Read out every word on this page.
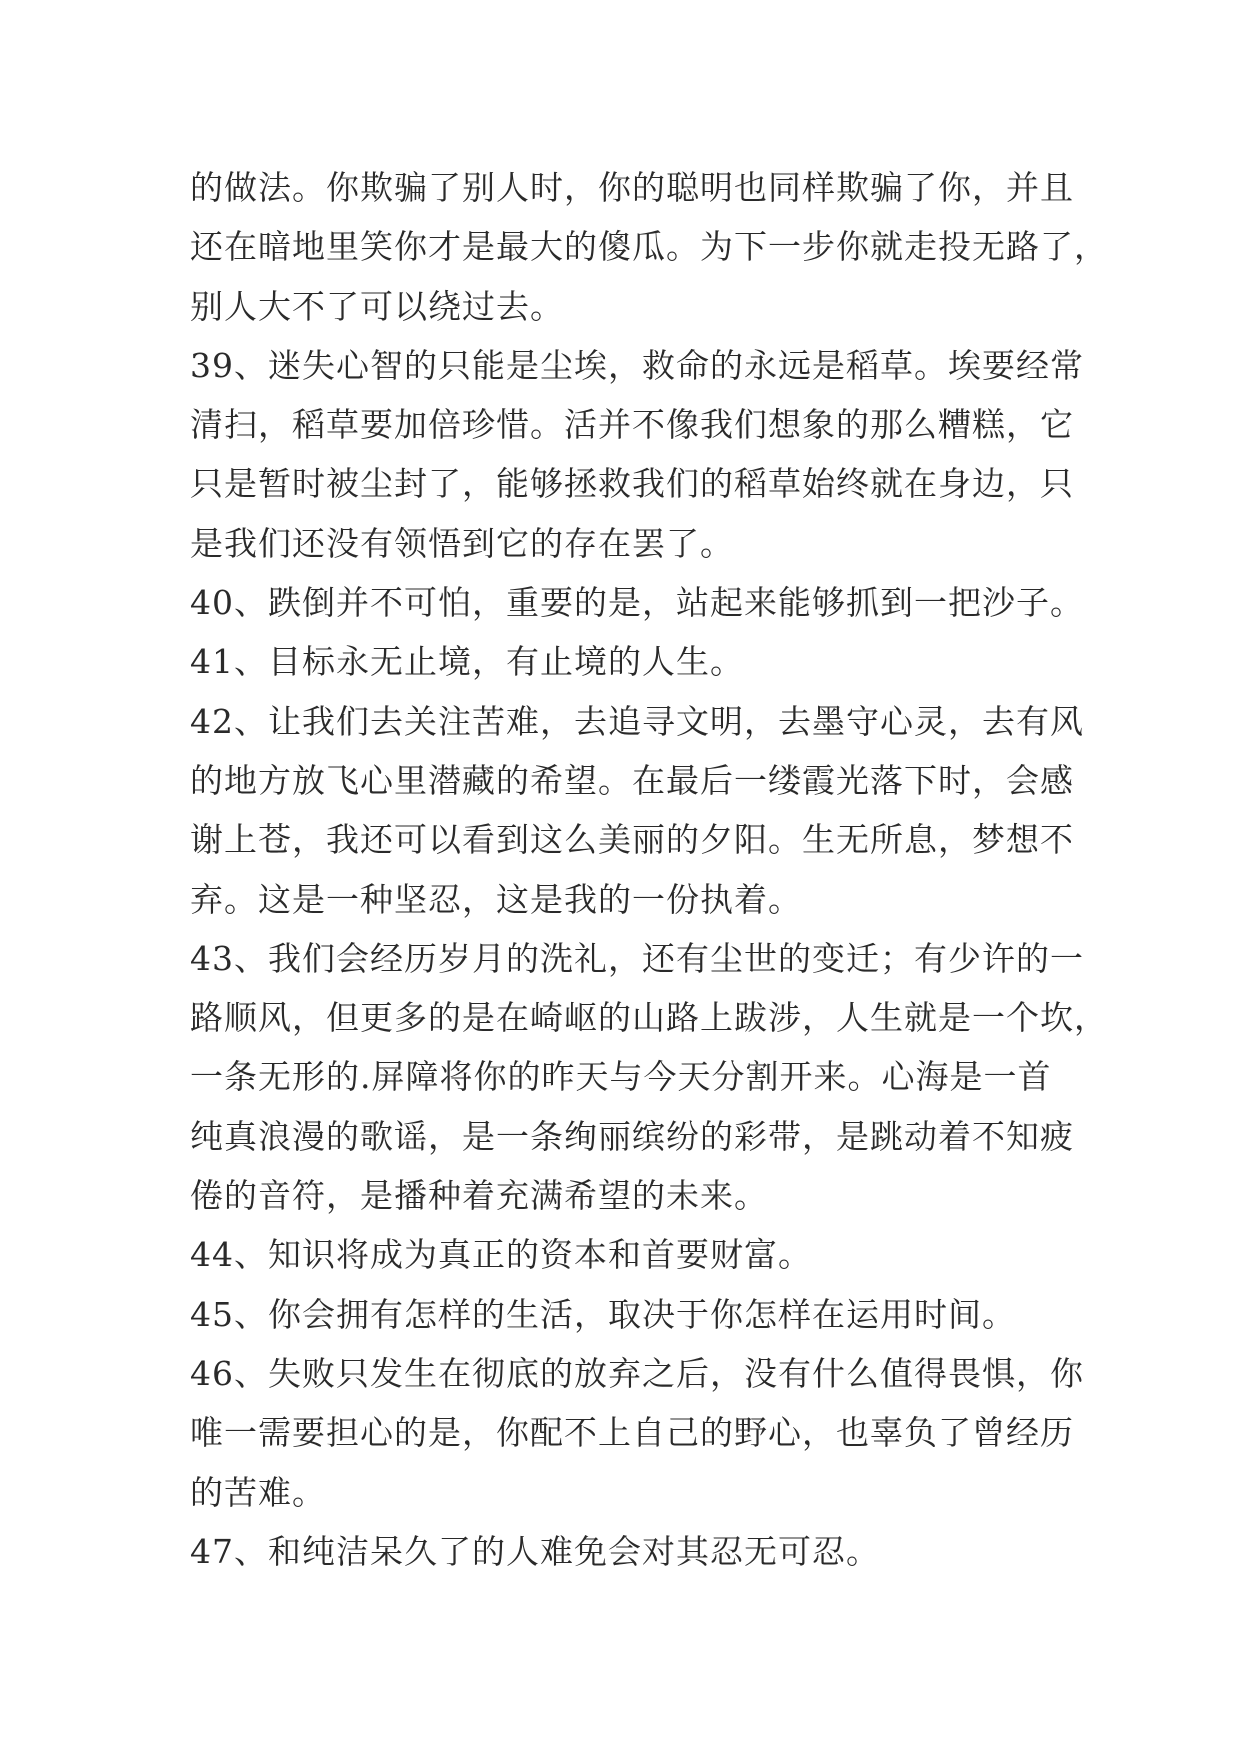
的做法。你欺骗了别人时，你的聪明也同样欺骗了你，并且
还在暗地里笑你才是最大的傻瓜。为下一步你就走投无路了，
别人大不了可以绕过去。
39、迷失心智的只能是尘埃，救命的永远是稻草。埃要经常
清扫，稻草要加倍珍惜。活并不像我们想象的那么糟糕，它
只是暂时被尘封了，能够拯救我们的稻草始终就在身边，只
是我们还没有领悟到它的存在罢了。
40、跌倒并不可怕，重要的是，站起来能够抓到一把沙子。
41、目标永无止境，有止境的人生。
42、让我们去关注苦难，去追寻文明，去墨守心灵，去有风
的地方放飞心里潜藏的希望。在最后一缕霞光落下时，会感
谢上苍，我还可以看到这么美丽的夕阳。生无所息，梦想不
弃。这是一种坚忍，这是我的一份执着。
43、我们会经历岁月的洗礼，还有尘世的变迁；有少许的一
路顺风，但更多的是在崎岖的山路上跋涉，人生就是一个坎，
一条无形的.屏障将你的昨天与今天分割开来。心海是一首
纯真浪漫的歌谣，是一条绚丽缤纷的彩带，是跳动着不知疲
倦的音符，是播种着充满希望的未来。
44、知识将成为真正的资本和首要财富。
45、你会拥有怎样的生活，取决于你怎样在运用时间。
46、失败只发生在彻底的放弃之后，没有什么值得畏惧，你
唯一需要担心的是，你配不上自己的野心，也辜负了曾经历
的苦难。
47、和纯洁呆久了的人难免会对其忍无可忍。
